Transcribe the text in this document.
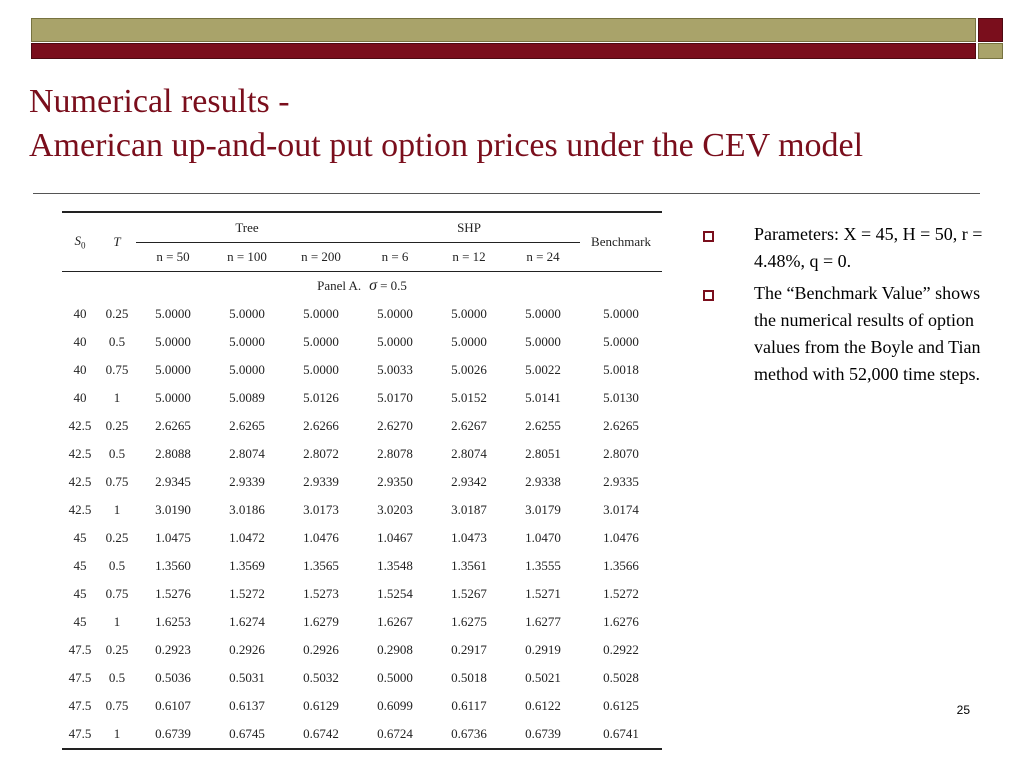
Numerical results -
American up-and-out put option prices under the CEV model
$S_0$	T	Tree			SHP			Benchmark
		n = 50	n = 100	n = 200	n = 6	n = 12	n = 24	
Panel A. σ = 0.5								
40	0.25	5.0000	5.0000	5.0000	5.0000	5.0000	5.0000	5.0000
40	0.5	5.0000	5.0000	5.0000	5.0000	5.0000	5.0000	5.0000
40	0.75	5.0000	5.0000	5.0000	5.0033	5.0026	5.0022	5.0018
40	1	5.0000	5.0089	5.0126	5.0170	5.0152	5.0141	5.0130
42.5	0.25	2.6265	2.6265	2.6266	2.6270	2.6267	2.6255	2.6265
42.5	0.5	2.8088	2.8074	2.8072	2.8078	2.8074	2.8051	2.8070
42.5	0.75	2.9345	2.9339	2.9339	2.9350	2.9342	2.9338	2.9335
42.5	1	3.0190	3.0186	3.0173	3.0203	3.0187	3.0179	3.0174
45	0.25	1.0475	1.0472	1.0476	1.0467	1.0473	1.0470	1.0476
45	0.5	1.3560	1.3569	1.3565	1.3548	1.3561	1.3555	1.3566
45	0.75	1.5276	1.5272	1.5273	1.5254	1.5267	1.5271	1.5272
45	1	1.6253	1.6274	1.6279	1.6267	1.6275	1.6277	1.6276
47.5	0.25	0.2923	0.2926	0.2926	0.2908	0.2917	0.2919	0.2922
47.5	0.5	0.5036	0.5031	0.5032	0.5000	0.5018	0.5021	0.5028
47.5	0.75	0.6107	0.6137	0.6129	0.6099	0.6117	0.6122	0.6125
47.5	1	0.6739	0.6745	0.6742	0.6724	0.6736	0.6739	0.6741
Parameters: X = 45, H = 50, r = 4.48%, q = 0.
The “Benchmark Value” shows the numerical results of option values from the Boyle and Tian method with 52,000 time steps.
25
